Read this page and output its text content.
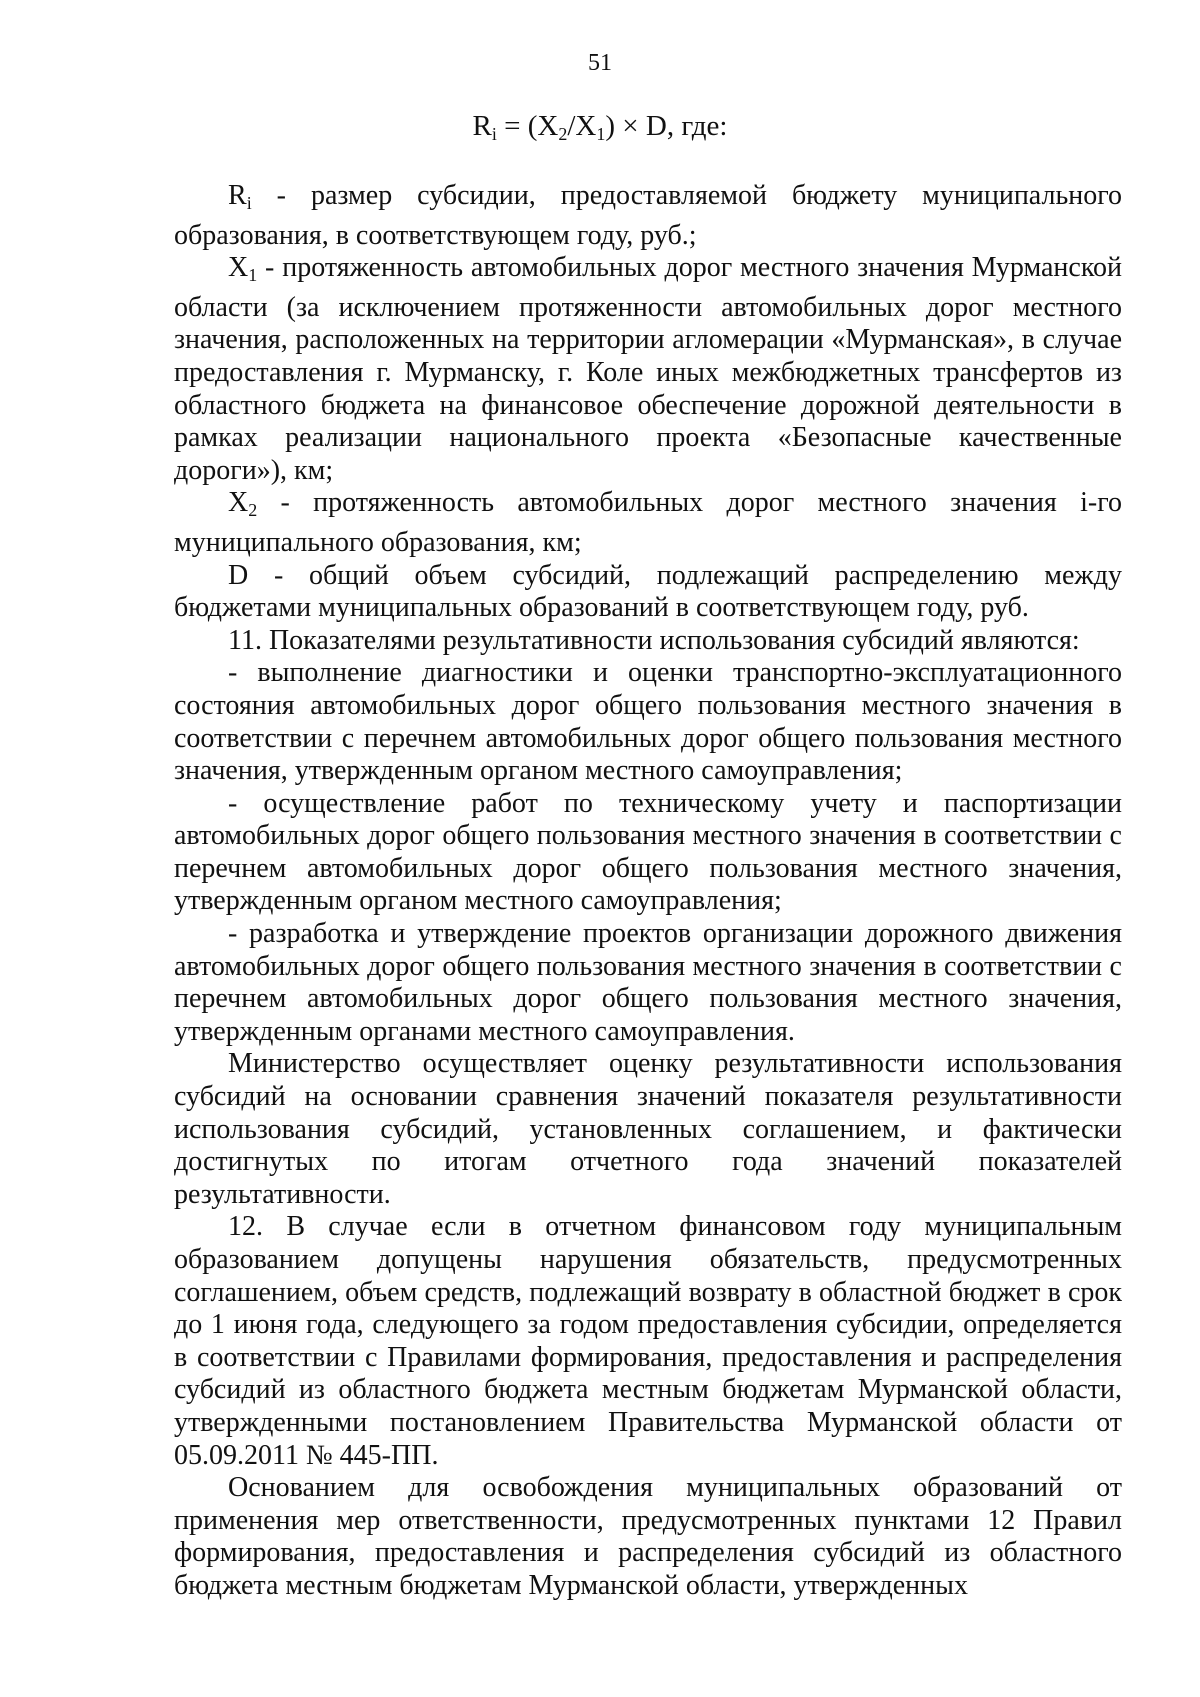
51
$R_i = (X_2/X_1) \times D$, где:

$R_i$ - размер субсидии, предоставляемой бюджету муниципального образования, в соответствующем году, руб.;

$X_1$ - протяженность автомобильных дорог местного значения Мурманской области (за исключением протяженности автомобильных дорог местного значения, расположенных на территории агломерации «Мурманская», в случае предоставления г. Мурманску, г. Коле иных межбюджетных трансфертов из областного бюджета на финансовое обеспечение дорожной деятельности в рамках реализации национального проекта «Безопасные качественные дороги»), км;

$X_2$ - протяженность автомобильных дорог местного значения i-го муниципального образования, км;

D - общий объем субсидий, подлежащий распределению между бюджетами муниципальных образований в соответствующем году, руб.

11. Показателями результативности использования субсидий являются:

- выполнение диагностики и оценки транспортно-эксплуатационного состояния автомобильных дорог общего пользования местного значения в соответствии с перечнем автомобильных дорог общего пользования местного значения, утвержденным органом местного самоуправления;

- осуществление работ по техническому учету и паспортизации автомобильных дорог общего пользования местного значения в соответствии с перечнем автомобильных дорог общего пользования местного значения, утвержденным органом местного самоуправления;

- разработка и утверждение проектов организации дорожного движения автомобильных дорог общего пользования местного значения в соответствии с перечнем автомобильных дорог общего пользования местного значения, утвержденным органами местного самоуправления.

Министерство осуществляет оценку результативности использования субсидий на основании сравнения значений показателя результативности использования субсидий, установленных соглашением, и фактически достигнутых по итогам отчетного года значений показателей результативности.

12. В случае если в отчетном финансовом году муниципальным образованием допущены нарушения обязательств, предусмотренных соглашением, объем средств, подлежащий возврату в областной бюджет в срок до 1 июня года, следующего за годом предоставления субсидии, определяется в соответствии с Правилами формирования, предоставления и распределения субсидий из областного бюджета местным бюджетам Мурманской области, утвержденными постановлением Правительства Мурманской области от 05.09.2011 № 445-ПП.

Основанием для освобождения муниципальных образований от применения мер ответственности, предусмотренных пунктами 12 Правил формирования, предоставления и распределения субсидий из областного бюджета местным бюджетам Мурманской области, утвержденных
